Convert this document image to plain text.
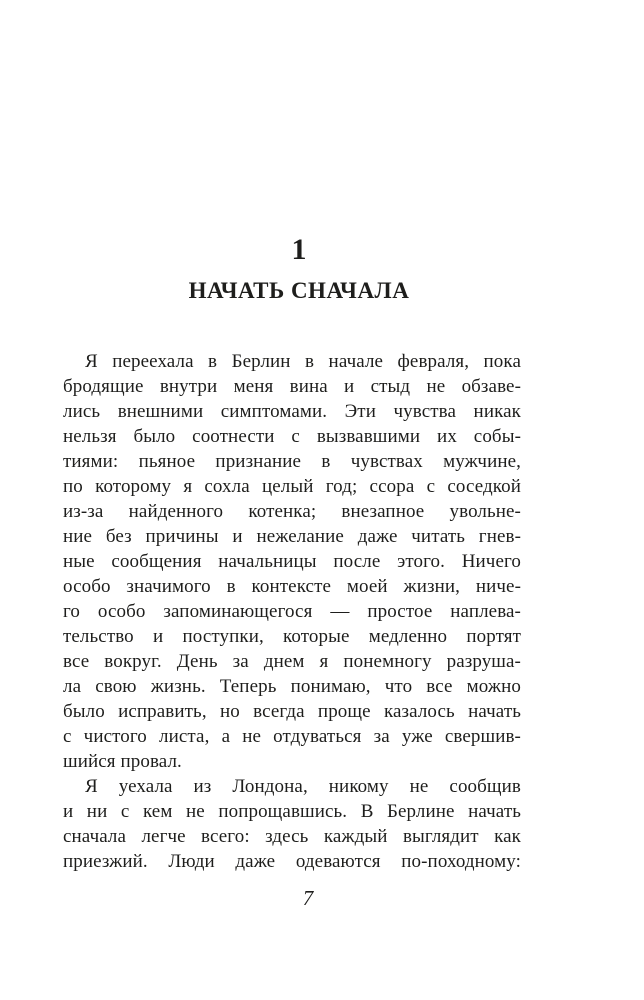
1
НАЧАТЬ СНАЧАЛА
Я переехала в Берлин в начале февраля, пока
бродящие внутри меня вина и стыд не обзаве-
лись внешними симптомами. Эти чувства никак
нельзя было соотнести с вызвавшими их собы-
тиями: пьяное признание в чувствах мужчине,
по которому я сохла целый год; ссора с соседкой
из-за найденного котенка; внезапное увольне-
ние без причины и нежелание даже читать гнев-
ные сообщения начальницы после этого. Ничего
особо значимого в контексте моей жизни, ниче-
го особо запоминающегося — простое наплева-
тельство и поступки, которые медленно портят
все вокруг. День за днем я понемногу разруша-
ла свою жизнь. Теперь понимаю, что все можно
было исправить, но всегда проще казалось начать
с чистого листа, а не отдуваться за уже свершив-
шийся провал.
Я уехала из Лондона, никому не сообщив
и ни с кем не попрощавшись. В Берлине начать
сначала легче всего: здесь каждый выглядит как
приезжий. Люди даже одеваются по-походному:
7
